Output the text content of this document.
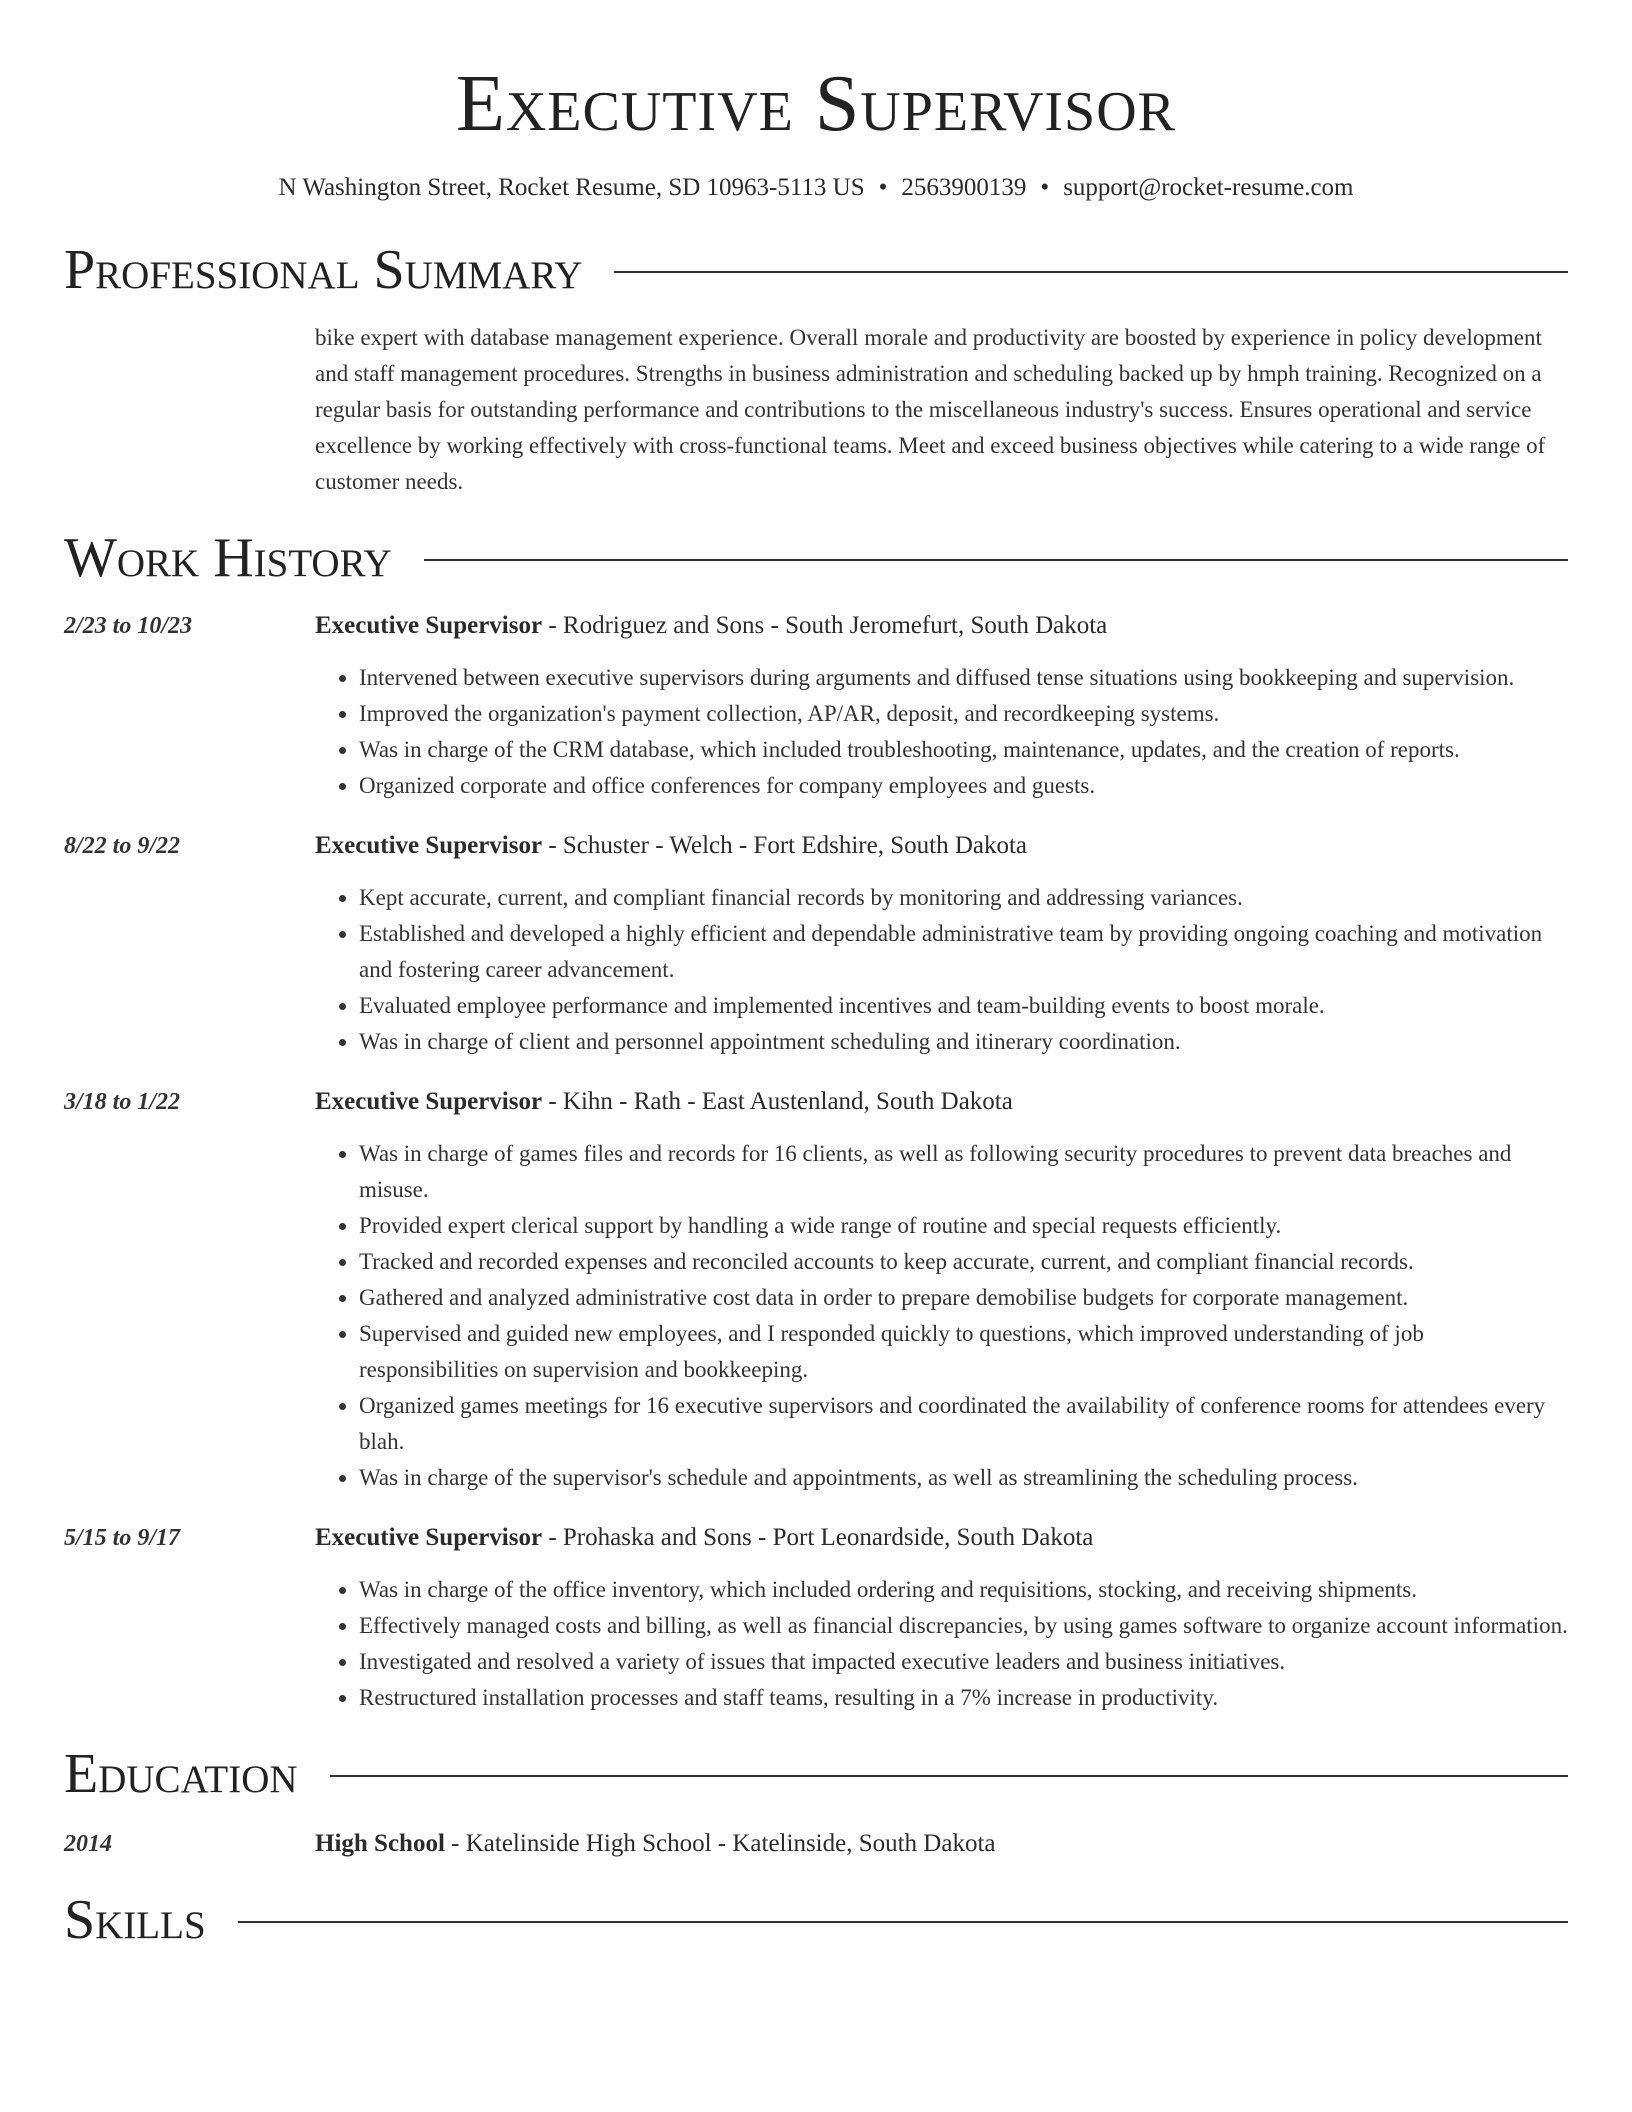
Executive Supervisor
N Washington Street, Rocket Resume, SD 10963-5113 US • 2563900139 • support@rocket-resume.com
Professional Summary
bike expert with database management experience. Overall morale and productivity are boosted by experience in policy development and staff management procedures. Strengths in business administration and scheduling backed up by hmph training. Recognized on a regular basis for outstanding performance and contributions to the miscellaneous industry's success. Ensures operational and service excellence by working effectively with cross-functional teams. Meet and exceed business objectives while catering to a wide range of customer needs.
Work History
2/23 to 10/23	Executive Supervisor - Rodriguez and Sons - South Jeromefurt, South Dakota
• Intervened between executive supervisors during arguments and diffused tense situations using bookkeeping and supervision.
• Improved the organization's payment collection, AP/AR, deposit, and recordkeeping systems.
• Was in charge of the CRM database, which included troubleshooting, maintenance, updates, and the creation of reports.
• Organized corporate and office conferences for company employees and guests.
8/22 to 9/22	Executive Supervisor - Schuster - Welch - Fort Edshire, South Dakota
• Kept accurate, current, and compliant financial records by monitoring and addressing variances.
• Established and developed a highly efficient and dependable administrative team by providing ongoing coaching and motivation and fostering career advancement.
• Evaluated employee performance and implemented incentives and team-building events to boost morale.
• Was in charge of client and personnel appointment scheduling and itinerary coordination.
3/18 to 1/22	Executive Supervisor - Kihn - Rath - East Austenland, South Dakota
• Was in charge of games files and records for 16 clients, as well as following security procedures to prevent data breaches and misuse.
• Provided expert clerical support by handling a wide range of routine and special requests efficiently.
• Tracked and recorded expenses and reconciled accounts to keep accurate, current, and compliant financial records.
• Gathered and analyzed administrative cost data in order to prepare demobilise budgets for corporate management.
• Supervised and guided new employees, and I responded quickly to questions, which improved understanding of job responsibilities on supervision and bookkeeping.
• Organized games meetings for 16 executive supervisors and coordinated the availability of conference rooms for attendees every blah.
• Was in charge of the supervisor's schedule and appointments, as well as streamlining the scheduling process.
5/15 to 9/17	Executive Supervisor - Prohaska and Sons - Port Leonardside, South Dakota
• Was in charge of the office inventory, which included ordering and requisitions, stocking, and receiving shipments.
• Effectively managed costs and billing, as well as financial discrepancies, by using games software to organize account information.
• Investigated and resolved a variety of issues that impacted executive leaders and business initiatives.
• Restructured installation processes and staff teams, resulting in a 7% increase in productivity.
Education
2014	High School - Katelinside High School - Katelinside, South Dakota
Skills
